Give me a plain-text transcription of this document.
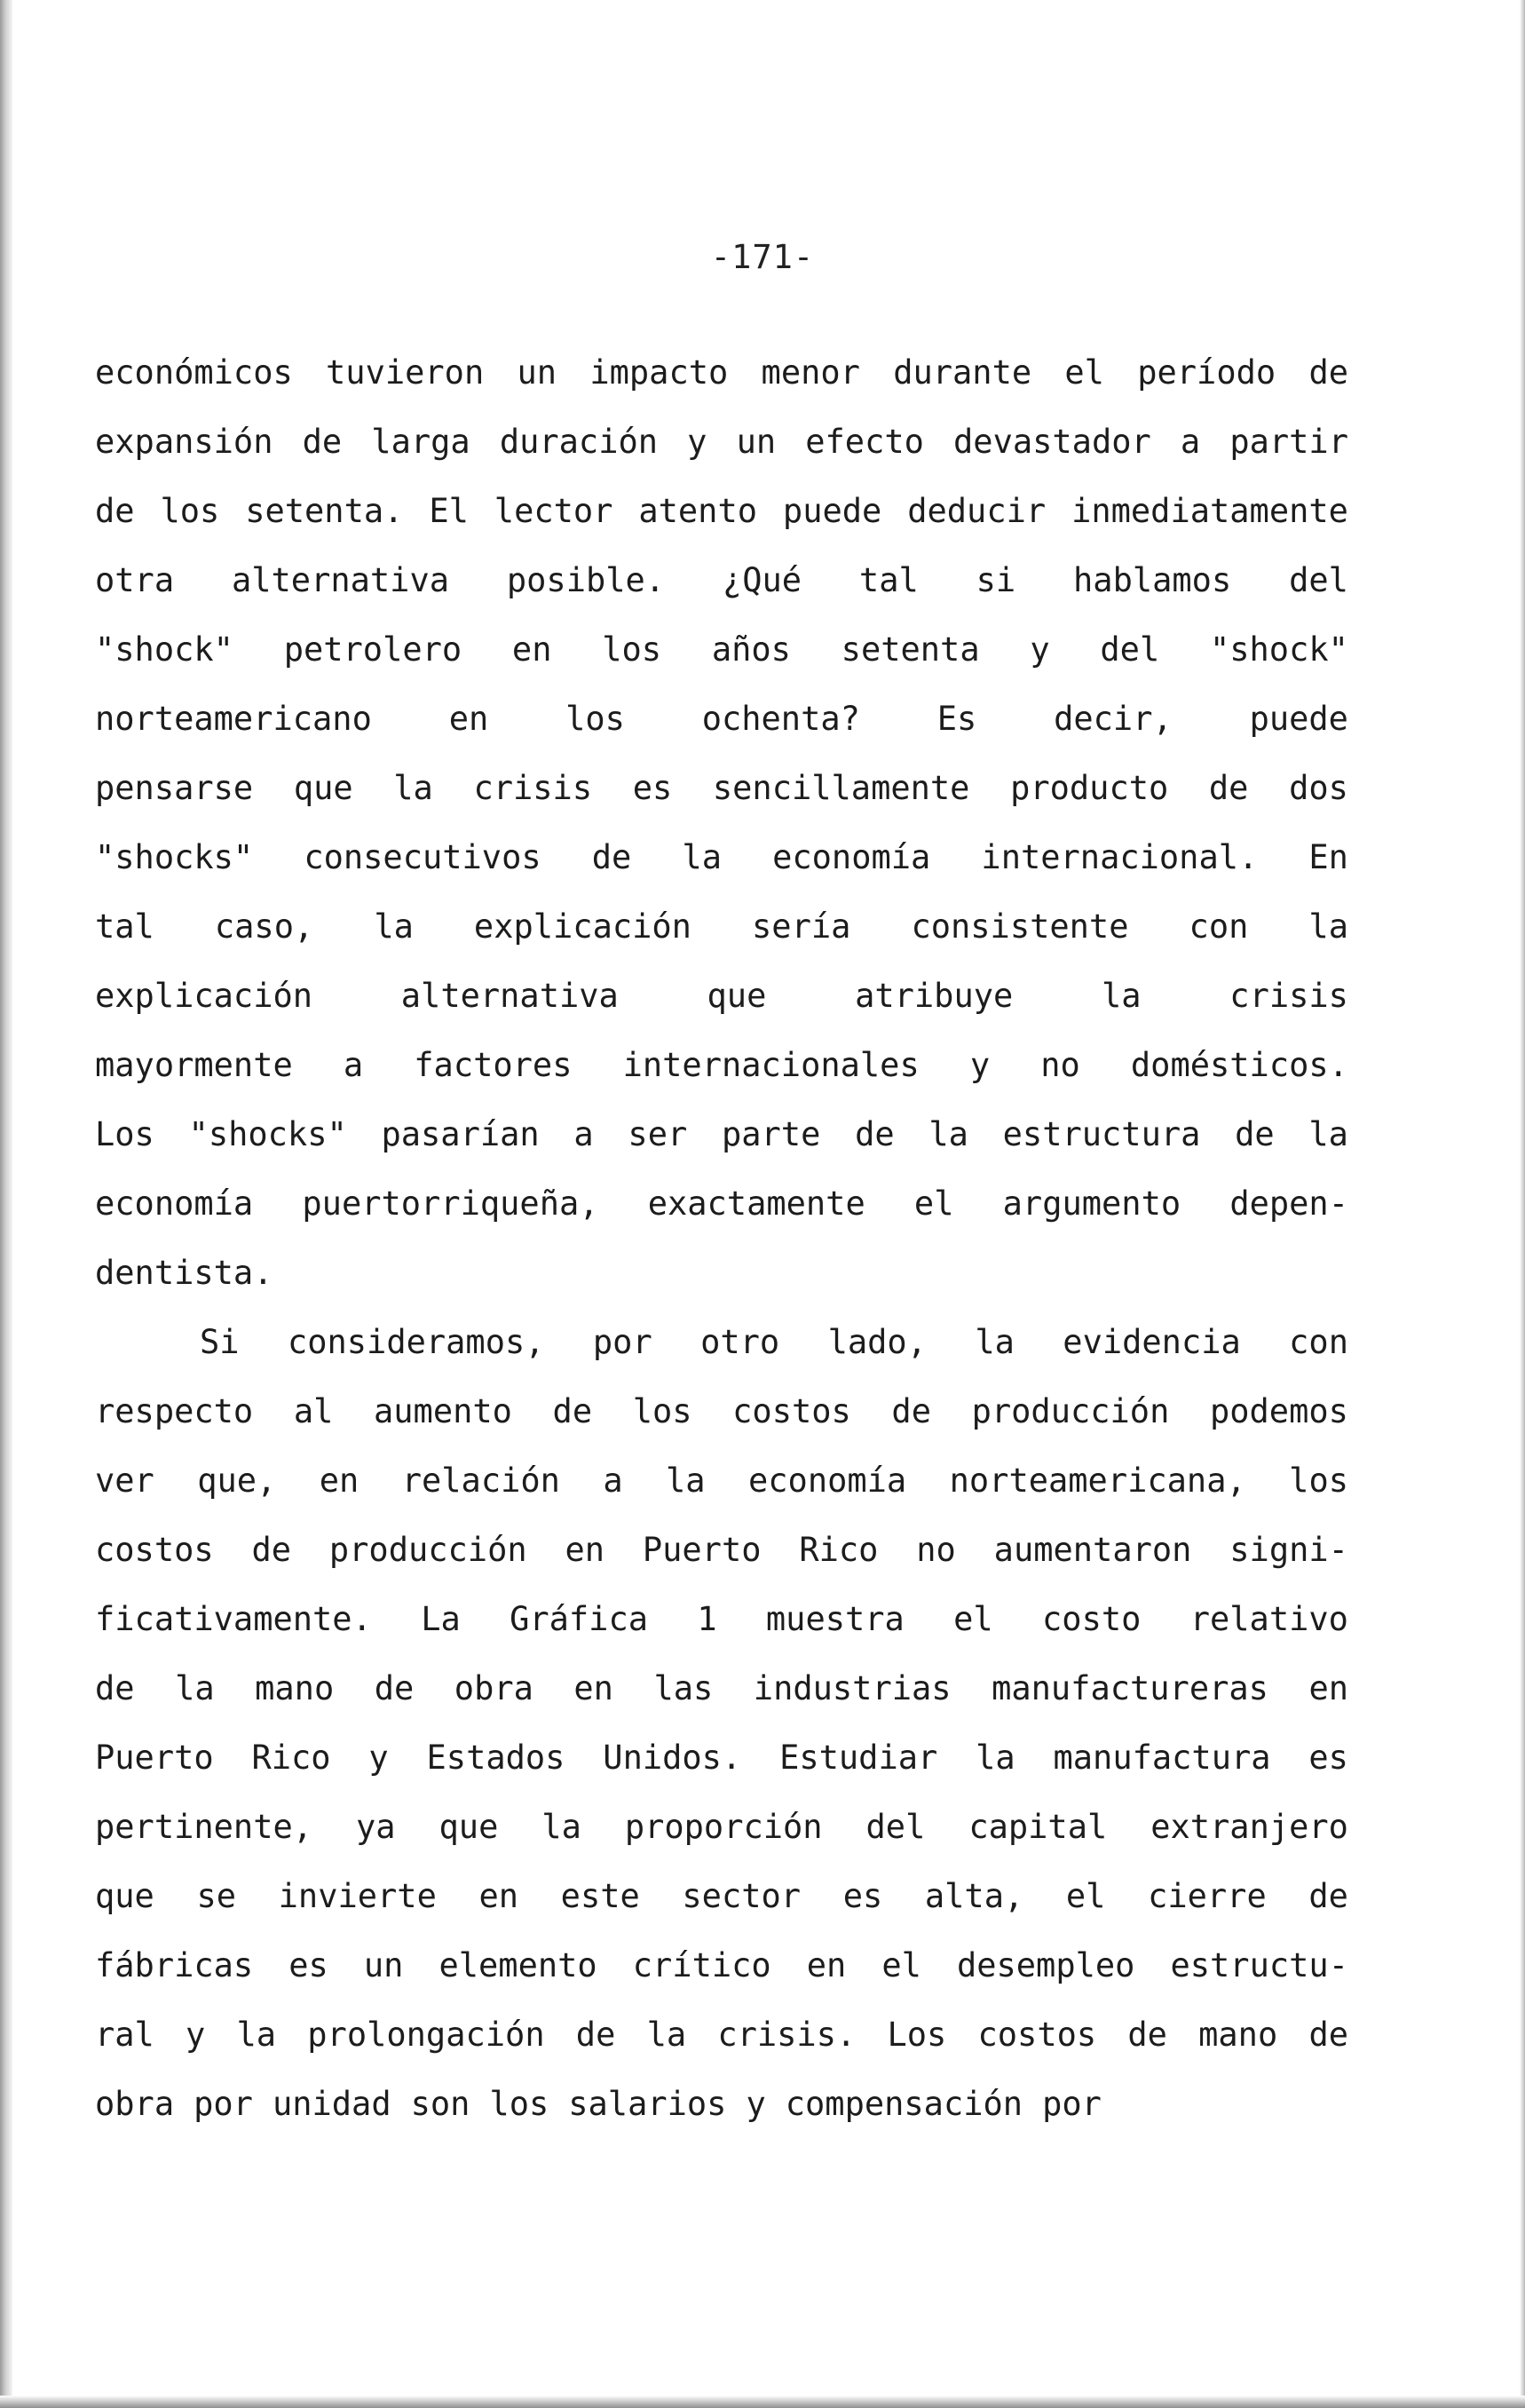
-171-
económicos tuvieron un impacto menor durante el período de
expansión de larga duración y un efecto devastador a partir
de los setenta. El lector atento puede deducir inmediatamente
otra alternativa posible. ¿Qué tal si hablamos del
"shock" petrolero en los años setenta y del "shock"
norteamericano en los ochenta? Es decir, puede
pensarse que la crisis es sencillamente producto de dos
"shocks" consecutivos de la economía internacional. En
tal caso, la explicación sería consistente con la
explicación	alternativa	que	atribuye	la	crisis
mayormente a factores internacionales y no domésticos.
Los "shocks" pasarían a ser parte de la estructura de la
economía puertorriqueña, exactamente el argumento depen-
dentista.
Si consideramos, por otro lado, la evidencia con
respecto al aumento de los costos de producción podemos
ver que, en relación a la economía norteamericana, los
costos de producción en Puerto Rico no aumentaron signi-
ficativamente. La Gráfica 1 muestra el costo relativo
de la mano de obra en las industrias manufactureras en
Puerto Rico y Estados Unidos. Estudiar la manufactura es
pertinente, ya que la proporción del capital extranjero
que se invierte en este sector es alta, el cierre de
fábricas es un elemento crítico en el desempleo estructu-
ral y la prolongación de la crisis. Los costos de mano de
obra por unidad son los salarios y compensación por
